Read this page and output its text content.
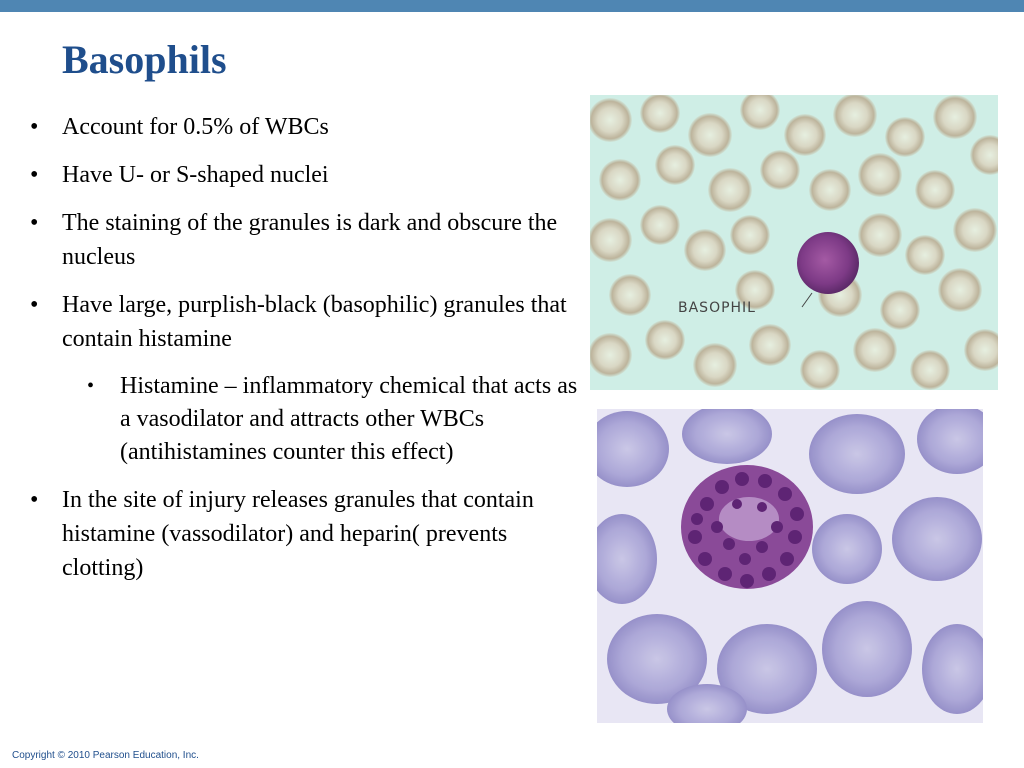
Basophils
• Account for 0.5% of WBCs
• Have U- or S-shaped nuclei
• The staining of the granules is dark and obscure the nucleus
• Have large, purplish-black (basophilic) granules that contain histamine
• Histamine – inflammatory chemical that acts as a vasodilator and attracts other WBCs (antihistamines counter this effect)
• In the site of injury releases granules that contain histamine (vassodilator) and heparin( prevents clotting)
BASOPHIL
Copyright © 2010 Pearson Education, Inc.
